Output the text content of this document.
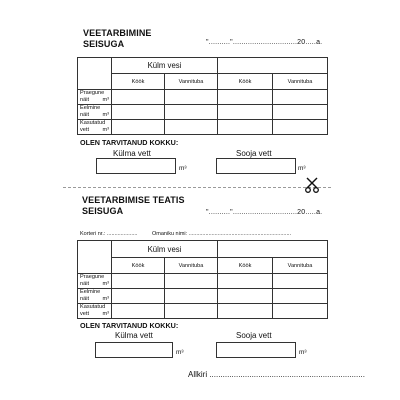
VEETARBIMINE
SEISUGA	".........."..............................20.....a.
	Külm vesi			
	Köök	Vannituba	Köök	Vannituba

Praegune
näit m³				

Eelmine
näit m³				

Kasutatud
vett m³				

OLEN TARVITANUD KOKKU:
Külma vett	Sooja vett
m³	m³
VEETARBIMISE TEATIS
SEISUGA	".........."..............................20.....a.
Korteri nr.: ....................	Omaniku nimi: ...................................................................
	Külm vesi			
	Köök	Vannituba	Köök	Vannituba

Praegune
näit m³				

Eelmine
näit m³				

Kasutatud
vett m³				

OLEN TARVITANUD KOKKU:
Külma vett	Sooja vett
m³	m³
Allkiri ......................................................................
